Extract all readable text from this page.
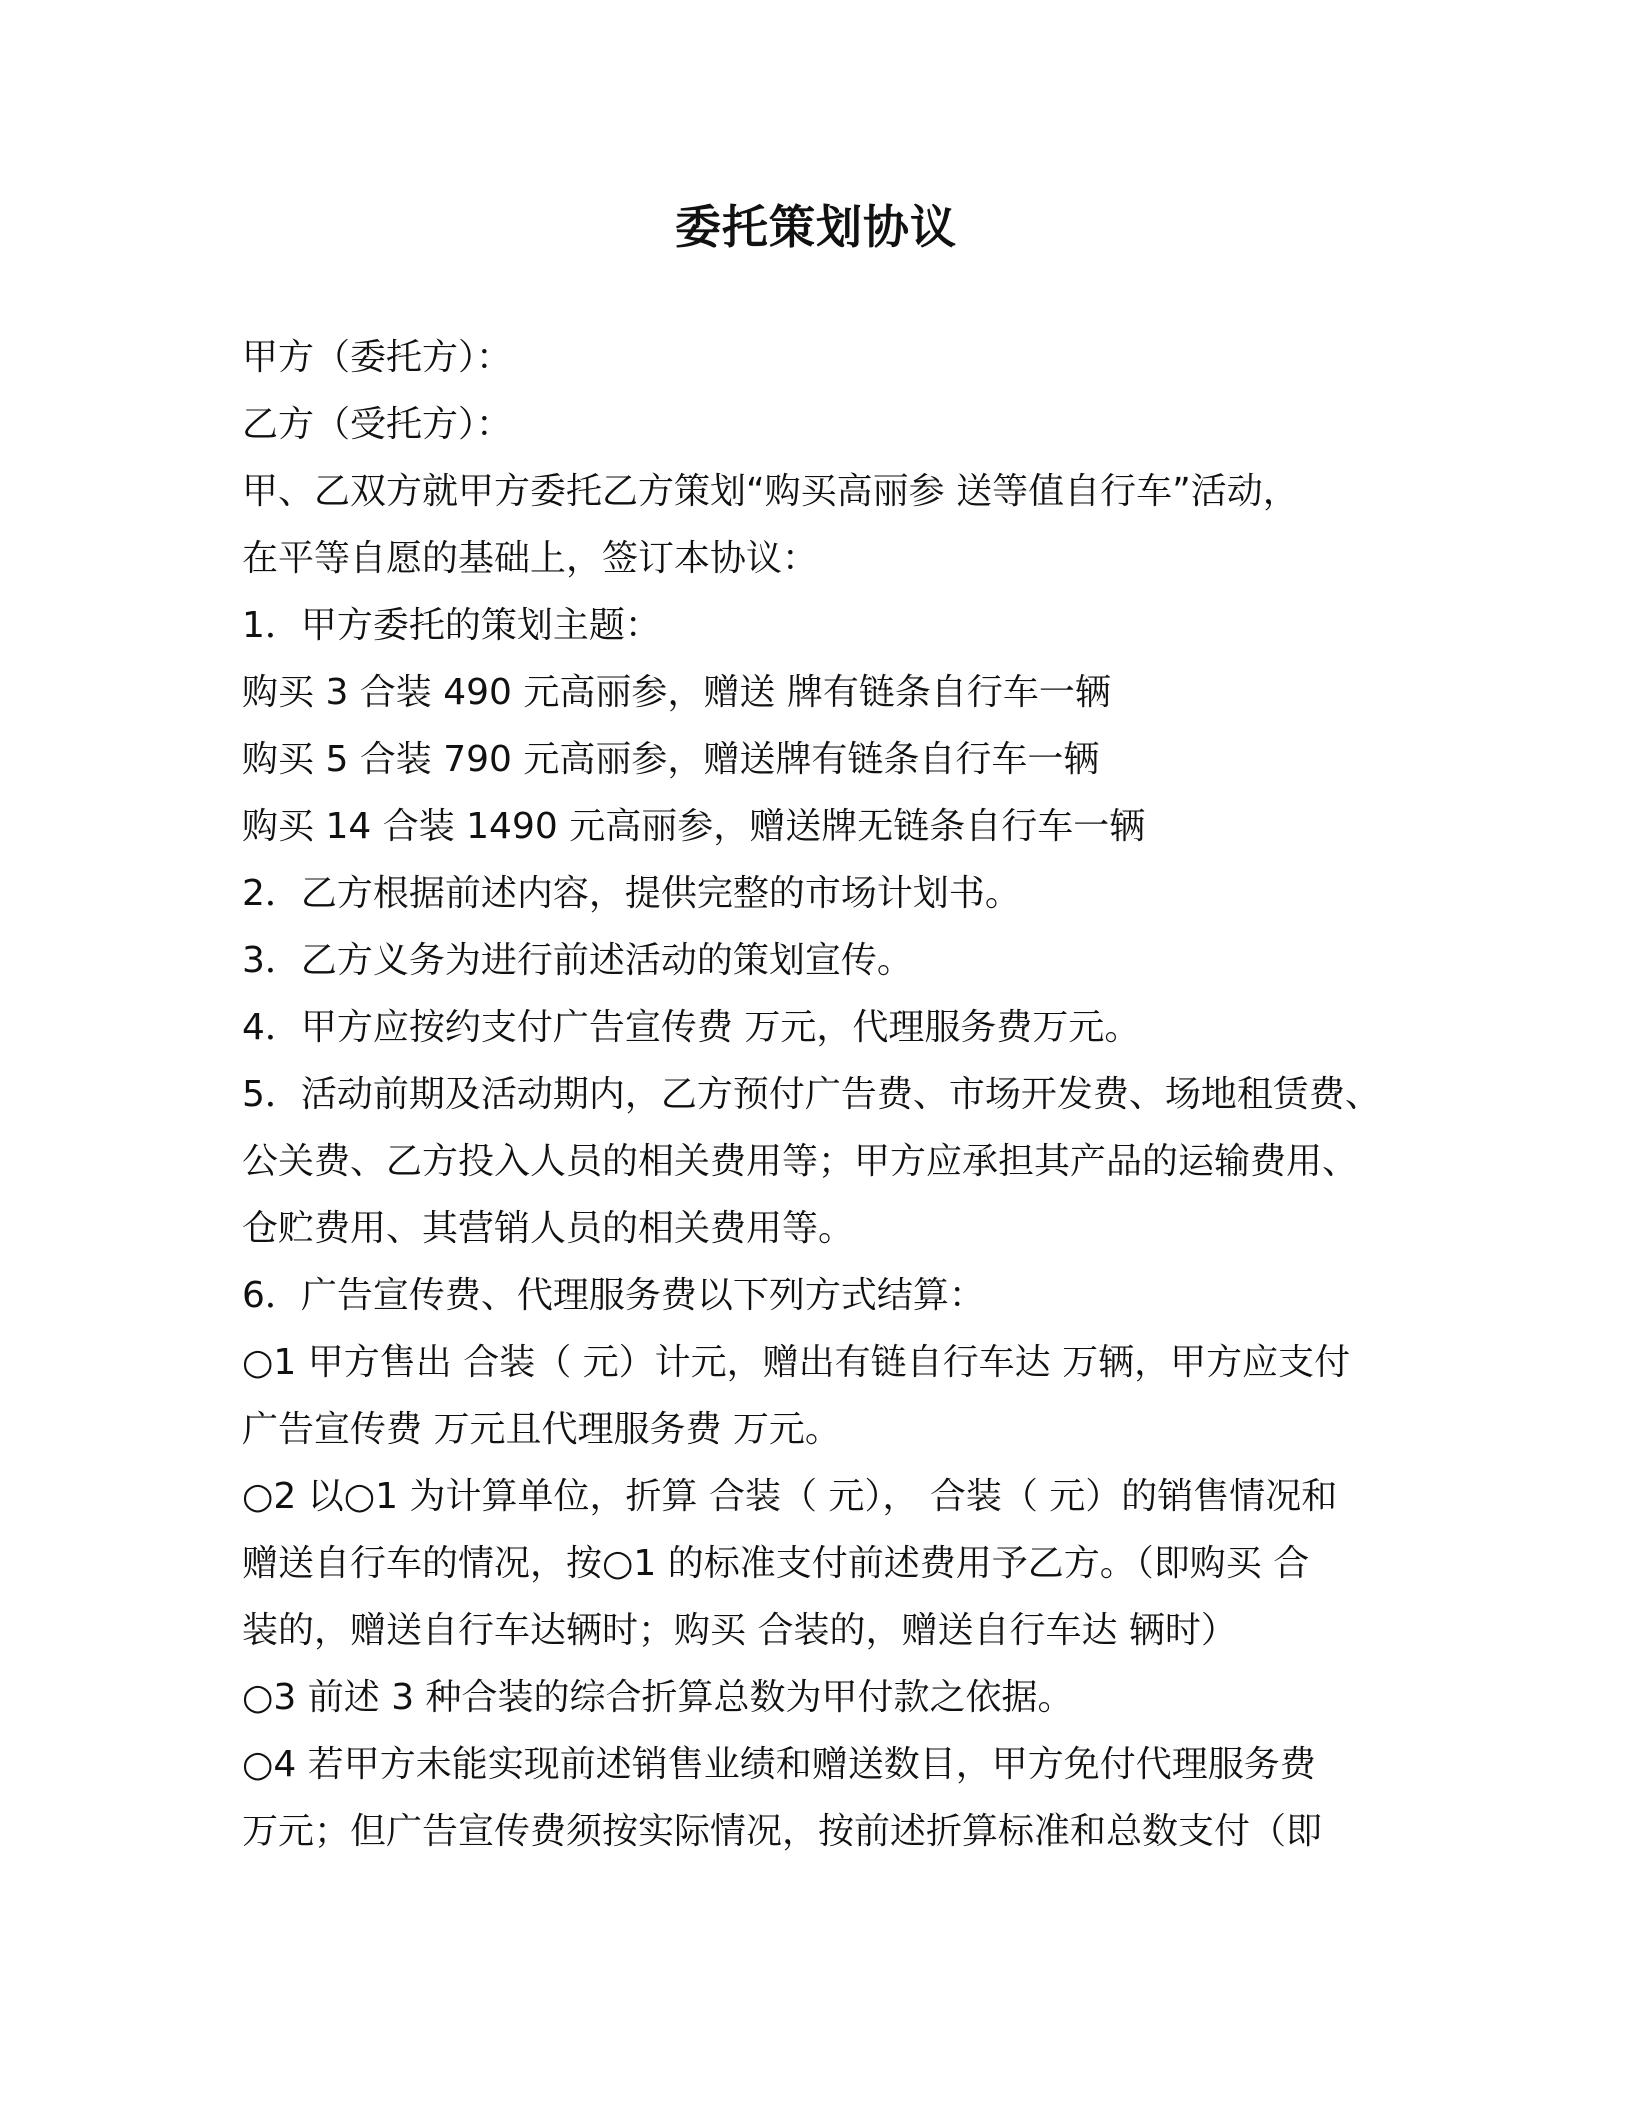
委托策划协议
甲方（委托方）：
乙方（受托方）：
甲、乙双方就甲方委托乙方策划“购买高丽参 送等值自行车”活动，
在平等自愿的基础上，签订本协议：
1．甲方委托的策划主题：
购买 3 合装 490 元高丽参，赠送 牌有链条自行车一辆
购买 5 合装 790 元高丽参，赠送牌有链条自行车一辆
购买 14 合装 1490 元高丽参，赠送牌无链条自行车一辆
2．乙方根据前述内容，提供完整的市场计划书。
3．乙方义务为进行前述活动的策划宣传。
4．甲方应按约支付广告宣传费 万元，代理服务费万元。
5．活动前期及活动期内，乙方预付广告费、市场开发费、场地租赁费、
公关费、乙方投入人员的相关费用等；甲方应承担其产品的运输费用、
仓贮费用、其营销人员的相关费用等。
6．广告宣传费、代理服务费以下列方式结算：
○1 甲方售出 合装（ 元）计元，赠出有链自行车达 万辆，甲方应支付
广告宣传费 万元且代理服务费 万元。
○2 以○1 为计算单位，折算 合装（ 元）， 合装（ 元）的销售情况和
赠送自行车的情况，按○1 的标准支付前述费用予乙方。（即购买 合
装的，赠送自行车达辆时；购买 合装的，赠送自行车达 辆时）
○3 前述 3 种合装的综合折算总数为甲付款之依据。
○4 若甲方未能实现前述销售业绩和赠送数目，甲方免付代理服务费
万元；但广告宣传费须按实际情况，按前述折算标准和总数支付（即
